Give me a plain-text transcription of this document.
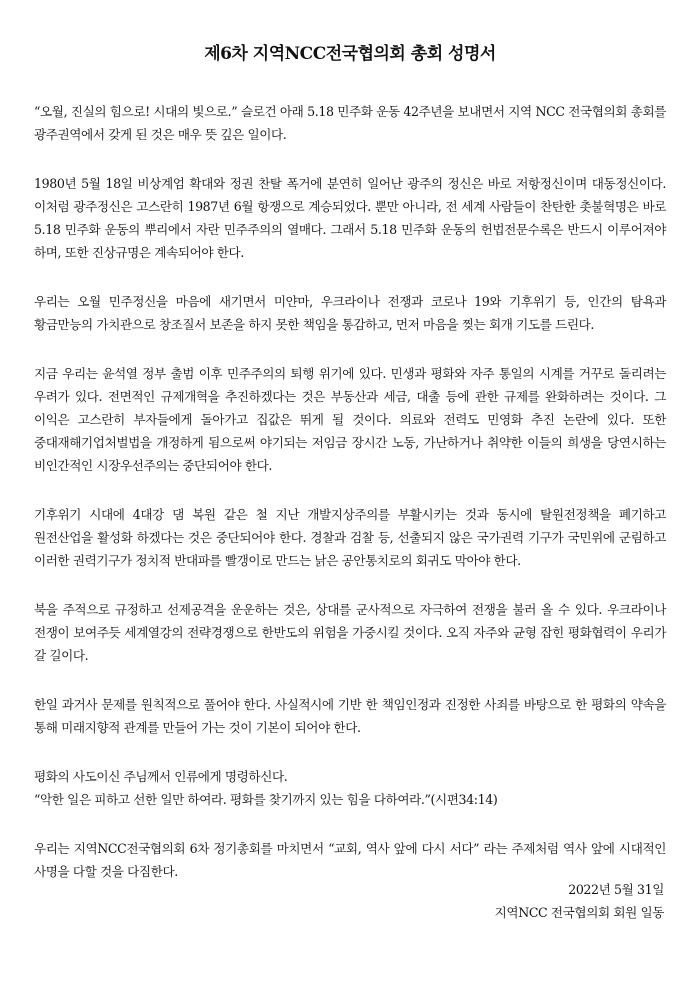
제6차 지역NCC전국협의회 총회 성명서

“오월, 진실의 힘으로! 시대의 빛으로.” 슬로건 아래 5.18 민주화 운동 42주년을 보내면서 지역 NCC 전국협의회 총회를 광주권역에서 갖게 된 것은 매우 뜻 깊은 일이다.

1980년 5월 18일 비상계엄 확대와 정권 찬탈 폭거에 분연히 일어난 광주의 정신은 바로 저항정신이며 대동정신이다. 이처럼 광주정신은 고스란히 1987년 6월 항쟁으로 계승되었다. 뿐만 아니라, 전 세계 사람들이 찬탄한 촛불혁명은 바로 5.18 민주화 운동의 뿌리에서 자란 민주주의의 열매다. 그래서 5.18 민주화 운동의 헌법전문수록은 반드시 이루어져야 하며, 또한 진상규명은 계속되어야 한다.

우리는 오월 민주정신을 마음에 새기면서 미얀마, 우크라이나 전쟁과 코로나 19와 기후위기 등, 인간의 탐욕과 황금만능의 가치관으로 창조질서 보존을 하지 못한 책임을 통감하고, 먼저 마음을 찢는 회개 기도를 드린다.

지금 우리는 윤석열 정부 출범 이후 민주주의의 퇴행 위기에 있다. 민생과 평화와 자주 통일의 시계를 거꾸로 돌리려는 우려가 있다. 전면적인 규제개혁을 추진하겠다는 것은 부동산과 세금, 대출 등에 관한 규제를 완화하려는 것이다. 그 이익은 고스란히 부자들에게 돌아가고 집값은 뛰게 될 것이다. 의료와 전력도 민영화 추진 논란에 있다. 또한 중대재해기업처벌법을 개정하게 됨으로써 야기되는 저임금 장시간 노동, 가난하거나 취약한 이들의 희생을 당연시하는 비인간적인 시장우선주의는 중단되어야 한다.

기후위기 시대에 4대강 댐 복원 같은 철 지난 개발지상주의를 부활시키는 것과 동시에 탈원전정책을 폐기하고 원전산업을 활성화 하겠다는 것은 중단되어야 한다. 경찰과 검찰 등, 선출되지 않은 국가권력 기구가 국민위에 군림하고 이러한 권력기구가 정치적 반대파를 빨갱이로 만드는 낡은 공안통치로의 회귀도 막아야 한다.

북을 주적으로 규정하고 선제공격을 운운하는 것은, 상대를 군사적으로 자극하여 전쟁을 불러 올 수 있다. 우크라이나 전쟁이 보여주듯 세계열강의 전략경쟁으로 한반도의 위험을 가중시킬 것이다. 오직 자주와 균형 잡힌 평화협력이 우리가 갈 길이다.

한일 과거사 문제를 원칙적으로 풀어야 한다. 사실적시에 기반 한 책임인정과 진정한 사죄를 바탕으로 한 평화의 약속을 통해 미래지향적 관계를 만들어 가는 것이 기본이 되어야 한다.

평화의 사도이신 주님께서 인류에게 명령하신다.
“악한 일은 피하고 선한 일만 하여라. 평화를 찾기까지 있는 힘을 다하여라.”(시편34:14)

우리는 지역NCC전국협의회 6차 정기총회를 마치면서 “교회, 역사 앞에 다시 서다” 라는 주제처럼 역사 앞에 시대적인 사명을 다할 것을 다짐한다.

2022년 5월 31일
지역NCC 전국협의회 회원 일동
